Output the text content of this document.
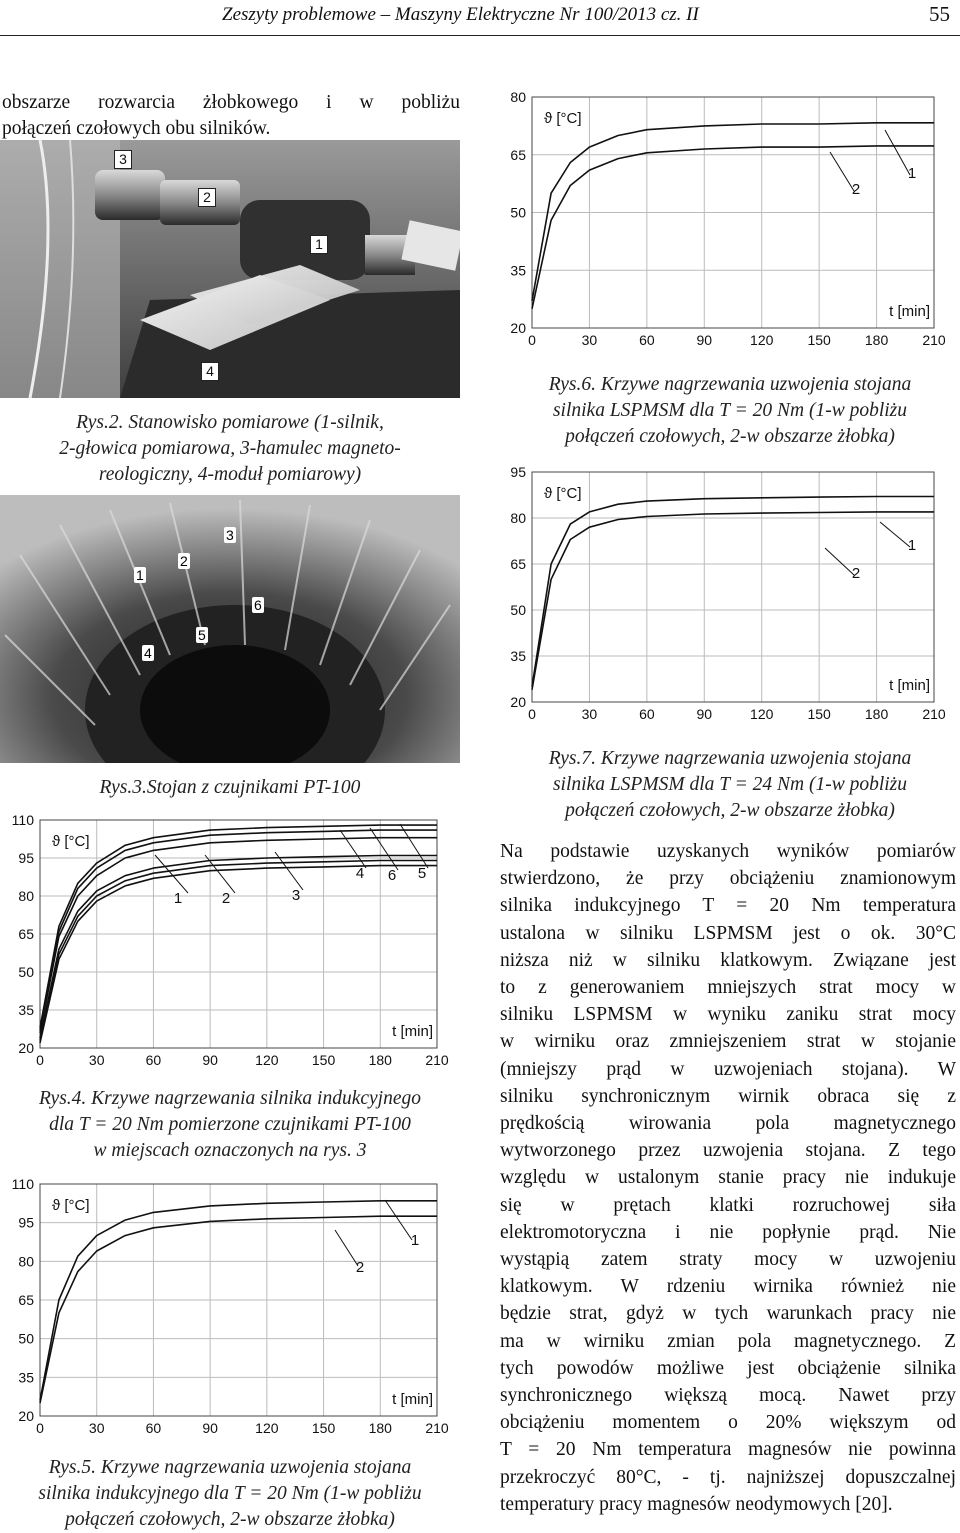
Zeszyty problemowe – Maszyny Elektryczne Nr 100/2013 cz. II	55
obszarze rozwarcia żłobkowego i w pobliżu
połączeń czołowych obu silników.
3
2
1
4
Rys.2. Stanowisko pomiarowe (1-silnik,
2-głowica pomiarowa, 3-hamulec magneto-
reologiczny, 4-moduł pomiarowy)
3
2
1
6
5
4
Rys.3.Stojan z czujnikami PT-100
0	30	60	90	120 150 180 210
20
35
50
65
80
95
110
ϑ [°C]
t [min]
1	2	3
4	5
6
Rys.4. Krzywe nagrzewania silnika indukcyjnego
dla T = 20 Nm pomierzone czujnikami PT-100
w miejscach oznaczonych na rys. 3
0	30	60	90	120 150 180 210
20
35
50
65
80
95
110
ϑ [°C]
t [min]
1
2
Rys.5. Krzywe nagrzewania uzwojenia stojana
silnika indukcyjnego dla T = 20 Nm (1-w pobliżu
połączeń czołowych, 2-w obszarze żłobka)
0	30	60	90	120 150 180 210
20
35
50
65
80
ϑ [°C]
t [min]
1
2
Rys.6. Krzywe nagrzewania uzwojenia stojana
silnika LSPMSM dla T = 20 Nm (1-w pobliżu
połączeń czołowych, 2-w obszarze żłobka)
0	30	60	90	120 150 180 210
20
35
50
65
80
95
ϑ [°C]
t [min]
1
2
Rys.7. Krzywe nagrzewania uzwojenia stojana
silnika LSPMSM dla T = 24 Nm (1-w pobliżu
połączeń czołowych, 2-w obszarze żłobka)
Na podstawie uzyskanych wyników pomiarów
stwierdzono, że przy obciążeniu znamionowym
silnika indukcyjnego T = 20 Nm temperatura
ustalona w silniku LSPMSM jest o ok. 30°C
niższa niż w silniku klatkowym. Związane jest
to z generowaniem mniejszych strat mocy w
silniku LSPMSM w wyniku zaniku strat mocy
w wirniku oraz zmniejszeniem strat w stojanie
(mniejszy prąd w uzwojeniach stojana). W
silniku synchronicznym wirnik obraca się z
prędkością wirowania pola magnetycznego
wytworzonego przez uzwojenia stojana. Z tego
względu w ustalonym stanie pracy nie indukuje
się w prętach klatki rozruchowej siła
elektromotoryczna i nie popłynie prąd. Nie
wystąpią zatem straty mocy w uzwojeniu
klatkowym. W rdzeniu wirnika również nie
będzie strat, gdyż w tych warunkach pracy nie
ma w wirniku zmian pola magnetycznego. Z
tych powodów możliwe jest obciążenie silnika
synchronicznego większą mocą. Nawet przy
obciążeniu momentem o 20% większym od
T = 20 Nm temperatura magnesów nie powinna
przekroczyć 80°C, - tj. najniższej dopuszczalnej
temperatury pracy magnesów neodymowych [20].
